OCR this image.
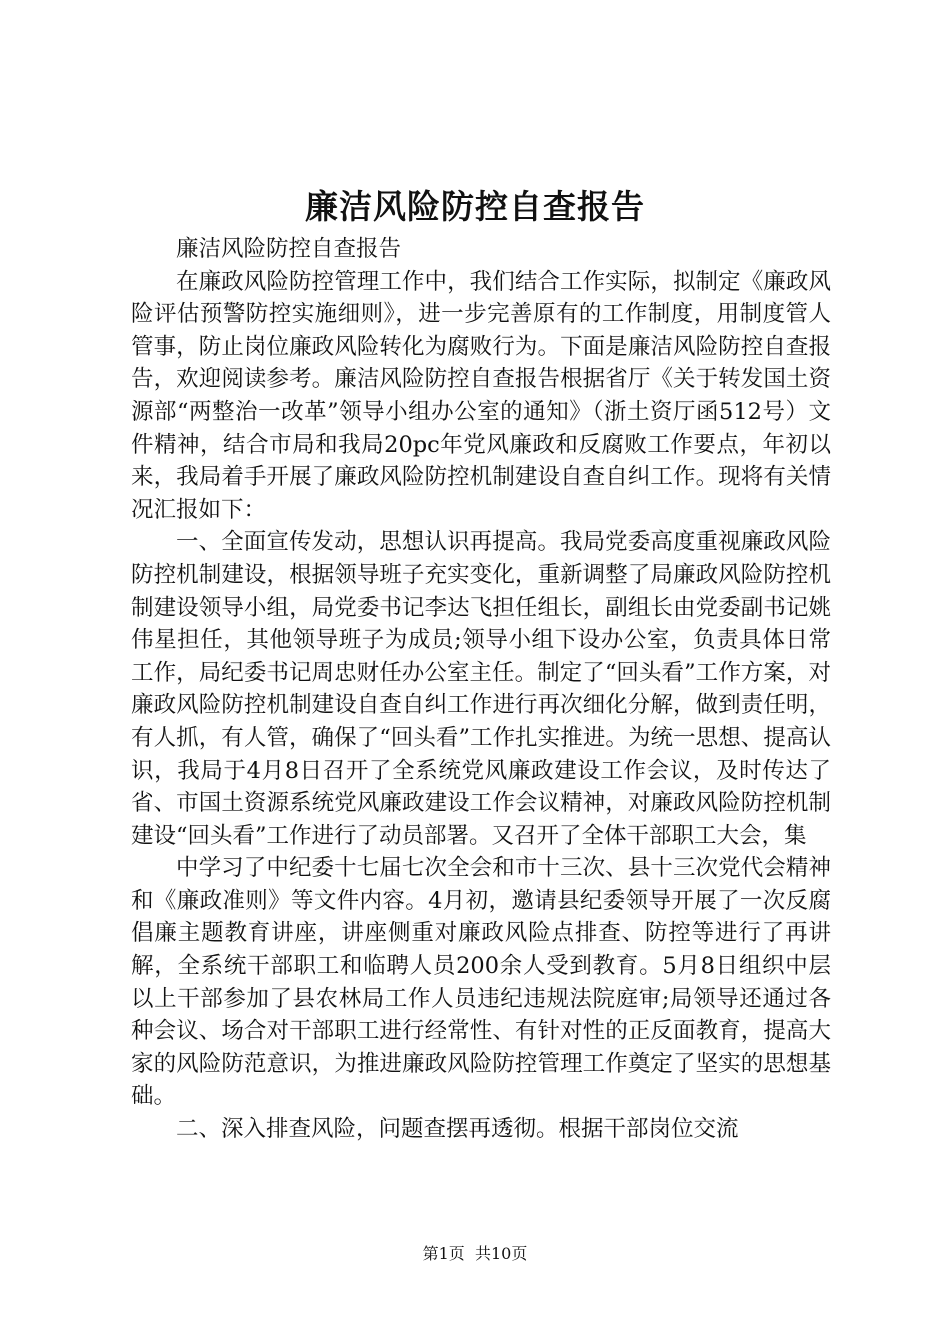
廉洁风险防控自查报告

廉洁风险防控自查报告

在廉政风险防控管理工作中，我们结合工作实际，拟制定《廉政风险评估预警防控实施细则》，进一步完善原有的工作制度，用制度管人管事，防止岗位廉政风险转化为腐败行为。下面是廉洁风险防控自查报告，欢迎阅读参考。廉洁风险防控自查报告根据省厅《关于转发国土资源部“两整治一改革”领导小组办公室的通知》（浙土资厅函512号）文件精神，结合市局和我局20pc年党风廉政和反腐败工作要点，年初以来，我局着手开展了廉政风险防控机制建设自查自纠工作。现将有关情况汇报如下：

一、全面宣传发动，思想认识再提高。我局党委高度重视廉政风险防控机制建设，根据领导班子充实变化，重新调整了局廉政风险防控机制建设领导小组，局党委书记李达飞担任组长，副组长由党委副书记姚伟星担任，其他领导班子为成员;领导小组下设办公室，负责具体日常工作，局纪委书记周忠财任办公室主任。制定了“回头看”工作方案，对廉政风险防控机制建设自查自纠工作进行再次细化分解，做到责任明，有人抓，有人管，确保了“回头看”工作扎实推进。为统一思想、提高认识，我局于4月8日召开了全系统党风廉政建设工作会议，及时传达了省、市国土资源系统党风廉政建设工作会议精神，对廉政风险防控机制建设“回头看”工作进行了动员部署。又召开了全体干部职工大会，集

中学习了中纪委十七届七次全会和市十三次、县十三次党代会精神和《廉政准则》等文件内容。4月初，邀请县纪委领导开展了一次反腐倡廉主题教育讲座，讲座侧重对廉政风险点排查、防控等进行了再讲解，全系统干部职工和临聘人员200余人受到教育。5月8日组织中层以上干部参加了县农林局工作人员违纪违规法院庭审;局领导还通过各种会议、场合对干部职工进行经常性、有针对性的正反面教育，提高大家的风险防范意识，为推进廉政风险防控管理工作奠定了坚实的思想基础。

二、深入排查风险，问题查摆再透彻。根据干部岗位交流

第1页 共10页
